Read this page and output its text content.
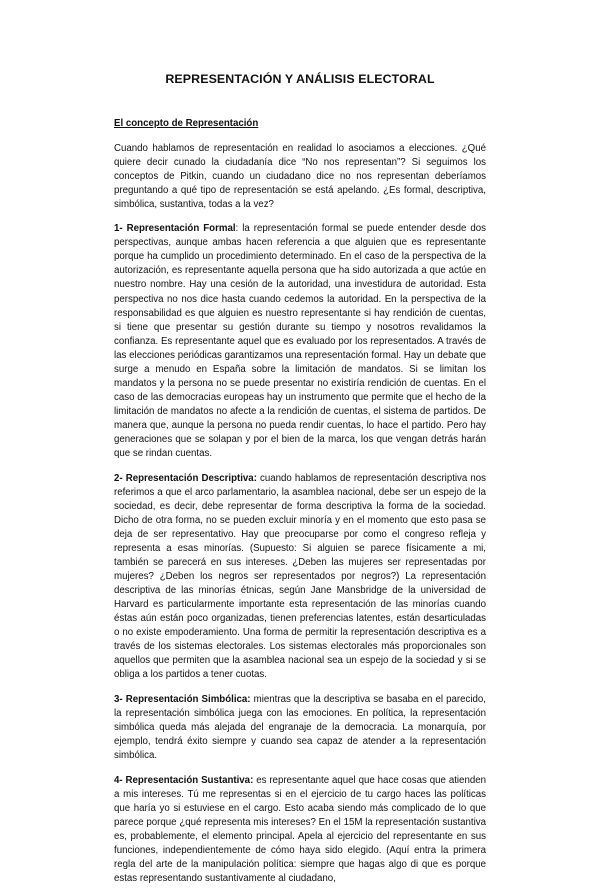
REPRESENTACIÓN Y ANÁLISIS ELECTORAL
El concepto de Representación

Cuando hablamos de representación en realidad lo asociamos a elecciones. ¿Qué quiere decir cunado la ciudadanía dice “No nos representan”? Si seguimos los conceptos de Pitkin, cuando un ciudadano dice no nos representan deberíamos preguntando a qué tipo de representación se está apelando. ¿Es formal, descriptiva, simbólica, sustantiva, todas a la vez?

1- Representación Formal: la representación formal se puede entender desde dos perspectivas, aunque ambas hacen referencia a que alguien que es representante porque ha cumplido un procedimiento determinado. En el caso de la perspectiva de la autorización, es representante aquella persona que ha sido autorizada a que actúe en nuestro nombre. Hay una cesión de la autoridad, una investidura de autoridad. Esta perspectiva no nos dice hasta cuando cedemos la autoridad. En la perspectiva de la responsabilidad es que alguien es nuestro representante si hay rendición de cuentas, si tiene que presentar su gestión durante su tiempo y nosotros revalidamos la confianza. Es representante aquel que es evaluado por los representados. A través de las elecciones periódicas garantizamos una representación formal. Hay un debate que surge a menudo en España sobre la limitación de mandatos. Si se limitan los mandatos y la persona no se puede presentar no existiría rendición de cuentas. En el caso de las democracias europeas hay un instrumento que permite que el hecho de la limitación de mandatos no afecte a la rendición de cuentas, el sistema de partidos. De manera que, aunque la persona no pueda rendir cuentas, lo hace el partido. Pero hay generaciones que se solapan y por el bien de la marca, los que vengan detrás harán que se rindan cuentas.

2- Representación Descriptiva: cuando hablamos de representación descriptiva nos referimos a que el arco parlamentario, la asamblea nacional, debe ser un espejo de la sociedad, es decir, debe representar de forma descriptiva la forma de la sociedad. Dicho de otra forma, no se pueden excluir minoría y en el momento que esto pasa se deja de ser representativo. Hay que preocuparse por como el congreso refleja y representa a esas minorías. (Supuesto: Si alguien se parece físicamente a mi, también se parecerá en sus intereses. ¿Deben las mujeres ser representadas por mujeres? ¿Deben los negros ser representados por negros?) La representación descriptiva de las minorías étnicas, según Jane Mansbridge de la universidad de Harvard es particularmente importante esta representación de las minorías cuando éstas aún están poco organizadas, tienen preferencias latentes, están desarticuladas o no existe empoderamiento. Una forma de permitir la representación descriptiva es a través de los sistemas electorales. Los sistemas electorales más proporcionales son aquellos que permiten que la asamblea nacional sea un espejo de la sociedad y si se obliga a los partidos a tener cuotas.

3- Representación Simbólica: mientras que la descriptiva se basaba en el parecido, la representación simbólica juega con las emociones. En política, la representación simbólica queda más alejada del engranaje de la democracia. La monarquía, por ejemplo, tendrá éxito siempre y cuando sea capaz de atender a la representación simbólica.

4- Representación Sustantiva: es representante aquel que hace cosas que atienden a mis intereses. Tú me representas si en el ejercicio de tu cargo haces las políticas que haría yo si estuviese en el cargo. Esto acaba siendo más complicado de lo que parece porque ¿qué representa mis intereses? En el 15M la representación sustantiva es, probablemente, el elemento principal. Apela al ejercicio del representante en sus funciones, independientemente de cómo haya sido elegido. (Aquí entra la primera regla del arte de la manipulación política: siempre que hagas algo di que es porque estas representando sustantivamente al ciudadano,
